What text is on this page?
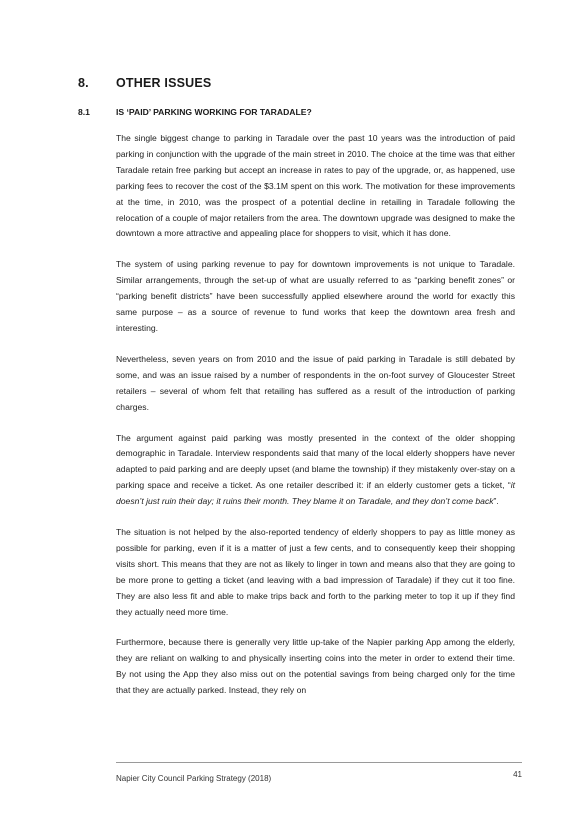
8. OTHER ISSUES
8.1	IS ‘PAID’ PARKING WORKING FOR TARADALE?

The single biggest change to parking in Taradale over the past 10 years was the introduction of paid parking in conjunction with the upgrade of the main street in 2010. The choice at the time was that either Taradale retain free parking but accept an increase in rates to pay of the upgrade, or, as happened, use parking fees to recover the cost of the $3.1M spent on this work. The motivation for these improvements at the time, in 2010, was the prospect of a potential decline in retailing in Taradale following the relocation of a couple of major retailers from the area. The downtown upgrade was designed to make the downtown a more attractive and appealing place for shoppers to visit, which it has done.

The system of using parking revenue to pay for downtown improvements is not unique to Taradale. Similar arrangements, through the set-up of what are usually referred to as “parking benefit zones” or “parking benefit districts” have been successfully applied elsewhere around the world for exactly this same purpose – as a source of revenue to fund works that keep the downtown area fresh and interesting.

Nevertheless, seven years on from 2010 and the issue of paid parking in Taradale is still debated by some, and was an issue raised by a number of respondents in the on-foot survey of Gloucester Street retailers – several of whom felt that retailing has suffered as a result of the introduction of parking charges.

The argument against paid parking was mostly presented in the context of the older shopping demographic in Taradale. Interview respondents said that many of the local elderly shoppers have never adapted to paid parking and are deeply upset (and blame the township) if they mistakenly over-stay on a parking space and receive a ticket. As one retailer described it: if an elderly customer gets a ticket, “it doesn’t just ruin their day; it ruins their month. They blame it on Taradale, and they don’t come back”.

The situation is not helped by the also-reported tendency of elderly shoppers to pay as little money as possible for parking, even if it is a matter of just a few cents, and to consequently keep their shopping visits short. This means that they are not as likely to linger in town and means also that they are going to be more prone to getting a ticket (and leaving with a bad impression of Taradale) if they cut it too fine. They are also less fit and able to make trips back and forth to the parking meter to top it up if they find they actually need more time.

Furthermore, because there is generally very little up-take of the Napier parking App among the elderly, they are reliant on walking to and physically inserting coins into the meter in order to extend their time. By not using the App they also miss out on the potential savings from being charged only for the time that they are actually parked. Instead, they rely on

Napier City Council Parking Strategy (2018)	41
